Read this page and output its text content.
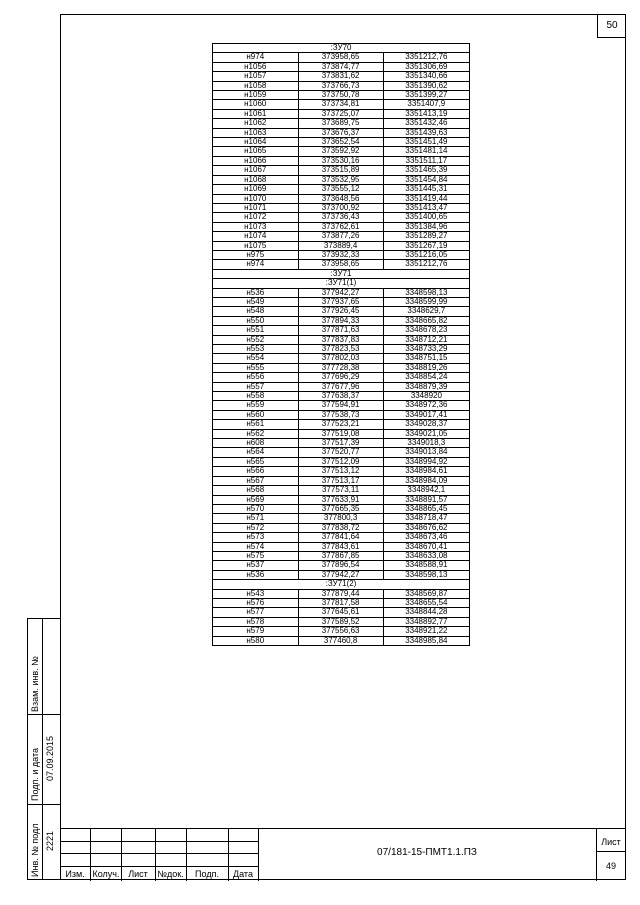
50
:ЗУ70		
н974	373958,65	3351212,76
н1056	373874,77	3351306,69
н1057	373831,62	3351340,66
н1058	373766,73	3351390,62
н1059	373750,78	3351399,27
н1060	373734,81	3351407,9
н1061	373725,07	3351413,19
н1062	373689,75	3351432,46
н1063	373676,37	3351439,63
н1064	373652,54	3351451,49
н1065	373592,92	3351481,14
н1066	373530,16	3351511,17
н1067	373515,89	3351465,39
н1068	373532,95	3351454,84
н1069	373555,12	3351445,31
н1070	373648,56	3351419,44
н1071	373700,92	3351413,47
н1072	373736,43	3351400,65
н1073	373762,61	3351384,96
н1074	373877,26	3351289,27
н1075	373889,4	3351267,19
н975	373932,33	3351216,05
н974	373958,65	3351212,76
:ЗУ71		
:ЗУ71(1)		
н536	377942,27	3348598,13
н549	377937,65	3348599,99
н548	377926,45	3348629,7
н550	377894,33	3348665,82
н551	377871,63	3348678,23
н552	377837,83	3348712,21
н553	377823,53	3348733,29
н554	377802,03	3348751,15
н555	377728,38	3348819,26
н556	377696,29	3348854,24
н557	377677,96	3348879,39
н558	377638,37	3348920
н559	377594,91	3348972,36
н560	377538,73	3349017,41
н561	377523,21	3349028,37
н562	377519,08	3349021,05
н608	377517,39	3349018,3
н564	377520,77	3349013,84
н565	377512,09	3348994,92
н566	377513,12	3348984,61
н567	377513,17	3348984,09
н568	377573,11	3348942,1
н569	377633,91	3348891,57
н570	377665,35	3348865,45
н571	377800,3	3348718,47
н572	377838,72	3348676,62
н573	377841,64	3348673,46
н574	377843,61	3348670,41
н575	377867,85	3348633,08
н537	377896,54	3348588,91
н536	377942,27	3348598,13
:ЗУ71(2)		
н543	377879,44	3348569,87
н576	377817,58	3348655,54
н577	377645,61	3348844,28
н578	377589,52	3348892,77
н579	377556,63	3348921,22
н580	377460,8	3348985,84
Взам. инв. №
Подп. и дата 07.09.2015
Инв. № подл 2221
Изм. Колуч. Лист	№док.	Подп.	Дата
07/181-15-ПМТ1.1.ПЗ
Лист
49
